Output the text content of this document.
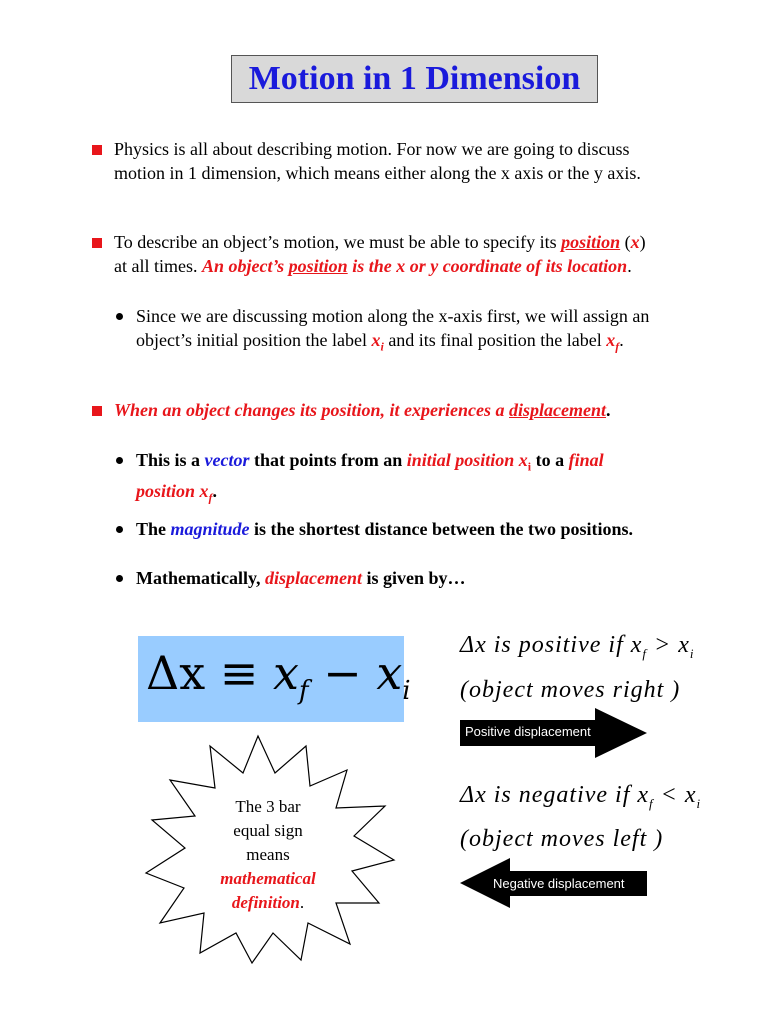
Motion in 1 Dimension
Physics is all about describing motion. For now we are going to discuss
motion in 1 dimension, which means either along the x axis or the y axis.
To describe an object’s motion, we must be able to specify its position (x)
at all times. An object’s position is the x or y coordinate of its location.
Since we are discussing motion along the x-axis first, we will assign an
object’s initial position the label $x_i$ and its final position the label $x_f$.
When an object changes its position, it experiences a displacement.
This is a vector that points from an initial position $x_i$ to a final
position $x_f$.
The magnitude is the shortest distance between the two positions.
Mathematically, displacement is given by…
$\Delta x \equiv x_f - x_i$
Δx is positive if $x_f > x_i$
(object moves right )
Positive displacement
Δx is negative if $x_f < x_i$
(object moves left )
Negative displacement
The 3 bar
equal sign
means
mathematical
definition.
